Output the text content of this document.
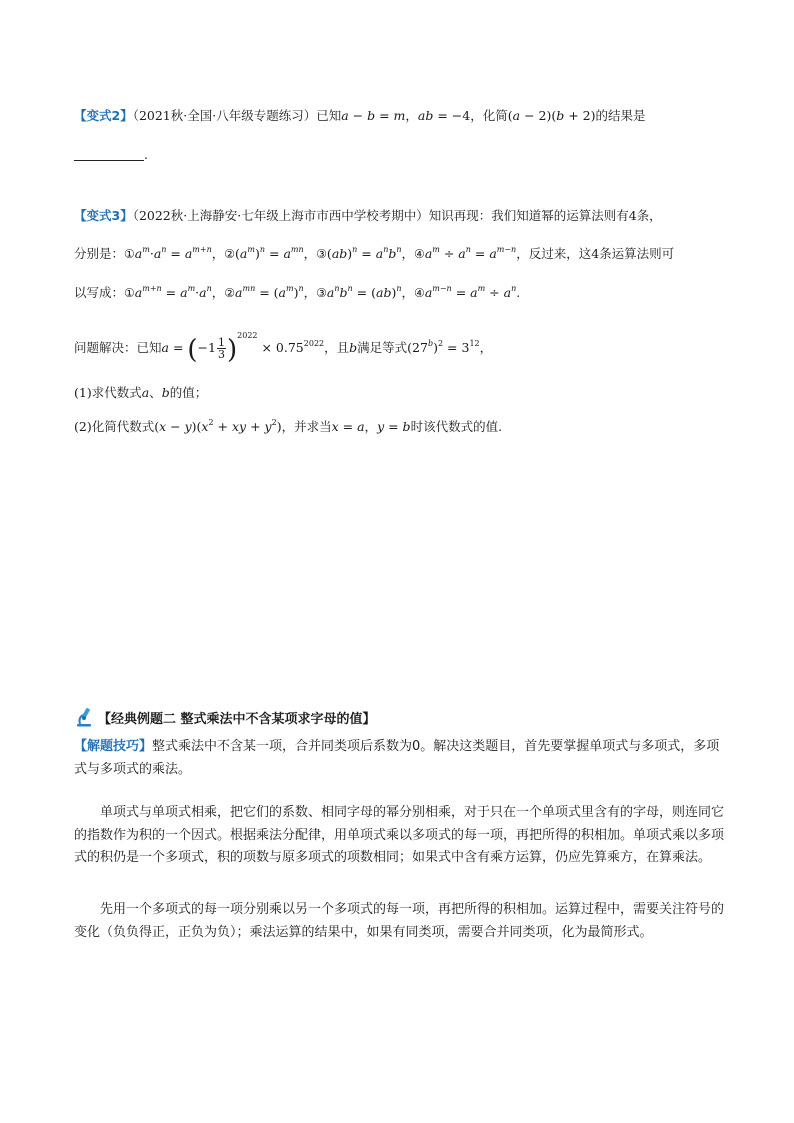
【变式2】（2021秋·全国·八年级专题练习）已知a − b = m，ab = −4，化简(a − 2)(b + 2)的结果是
.
【变式3】（2022秋·上海静安·七年级上海市市西中学校考期中）知识再现：我们知道幂的运算法则有4条，
分别是：$①a^m\cdot a^n = a^{m+n}$，$②(a^m)^n = a^{mn}$，③(ab)$^n$ = $a^nb^n$，$④a^m \div a^n = a^{m-n}$，反过来，这4条运算法则可
以写成：$①a^{m+n} = a^m\cdot a^n$，$②a^{mn} = (a^m)^n$，$③a^nb^n = (ab)^n$，$④a^{m-n} = a^m \div a^n$.
问题解决：已知$a = (-1 \frac{1}{3} )^{2022} \times 0.75^{2022}$，且b满足等式$(27^b)^2 = 3^{12}$，
(1)求代数式a、b的值；
(2)化简代数式$(x - y)(x^2$ + xy + $y^2$)，并求当x = a，y = b时该代数式的值.
【经典例题二 整式乘法中不含某项求字母的值】
【解题技巧】整式乘法中不含某一项，合并同类项后系数为0。解决这类题目，首先要掌握单项式与多项式，多项式与多项式的乘法。
单项式与单项式相乘，把它们的系数、相同字母的幂分别相乘，对于只在一个单项式里含有的字母，则连同它的指数作为积的一个因式。根据乘法分配律，用单项式乘以多项式的每一项，再把所得的积相加。单项式乘以多项式的积仍是一个多项式，积的项数与原多项式的项数相同；如果式中含有乘方运算，仍应先算乘方，在算乘法。
先用一个多项式的每一项分别乘以另一个多项式的每一项，再把所得的积相加。运算过程中，需要关注符号的变化（负负得正，正负为负）；乘法运算的结果中，如果有同类项，需要合并同类项，化为最简形式。
